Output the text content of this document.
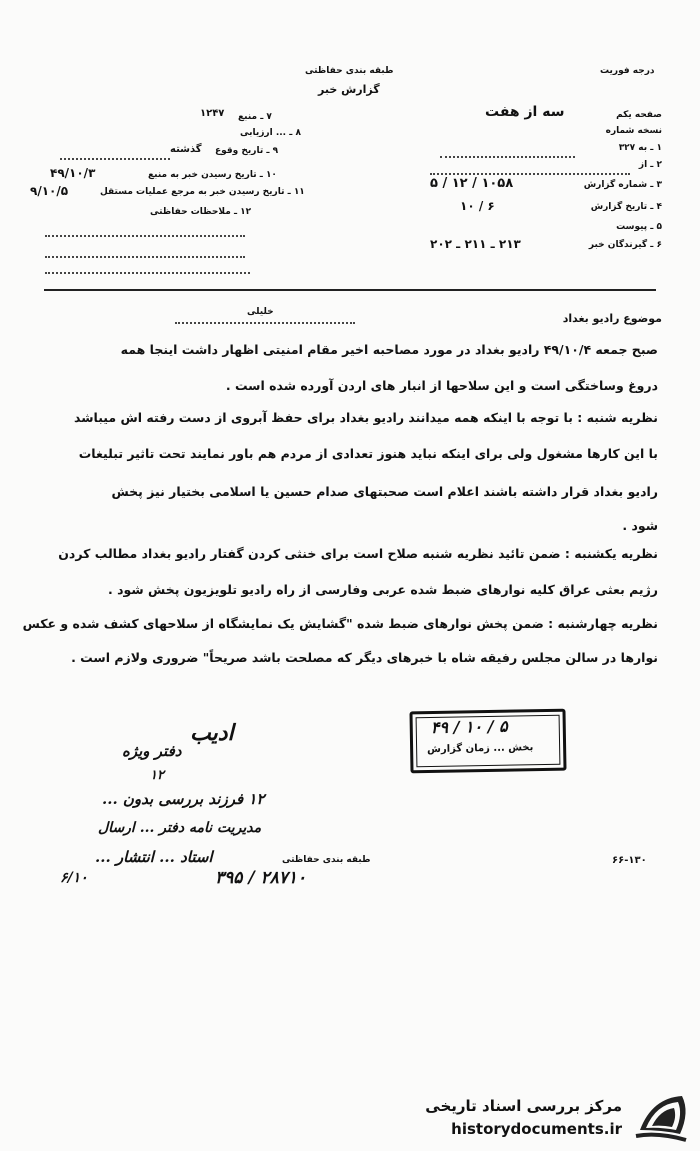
طبقه بندی حفاظتی
گزارش خبر
درجه فوریت
صفحه یکم
سه از هفت
نسخه شماره
۱ ـ به ۳۲۷
۲ ـ از
۳ ـ شماره گزارش
۱۰۵۸ / ۱۲ / ۵
۴ ـ تاریخ گزارش
۶ / ۱۰
۵ ـ پیوست
۶ ـ گیرندگان خبر
۲۱۳ ـ ۲۱۱ ـ ۲۰۲
۷ ـ منبع
۱۲۴۷
۸ ـ ... ارزیابی
۹ ـ تاریخ وقوع
گذشته
۱۰ ـ تاریخ رسیدن خبر به منبع
۴۹/۱۰/۳
۱۱ ـ تاریخ رسیدن خبر به مرجع عملیات مستقل
۹/۱۰/۵
۱۲ ـ ملاحظات حفاظتی
موضوع رادیو بغداد
خلیلی
صبح جمعه ۴۹/۱۰/۴ رادیو بغداد در مورد مصاحبه اخیر مقام امنیتی اظهار داشت اینجا همه
دروغ وساختگی است و این سلاحها از انبار های اردن آورده شده است .
نظریه شنبه : با توجه با اینکه همه میدانند رادیو بغداد برای حفظ آبروی از دست رفته اش میباشد
با این کارها مشغول ولی برای اینکه نباید هنوز تعدادی از مردم هم باور نمایند تحت تاثیر تبلیغات
رادیو بغداد قرار داشته باشند اعلام است صحبتهای صدام حسین یا اسلامی بختیار نیز پخش
شود .
نظریه یکشنبه : ضمن تائید نظریه شنبه صلاح است برای خنثی کردن گفتار رادیو بغداد مطالب کردن
رژیم بعثی عراق کلیه نوارهای ضبط شده عربی وفارسی از راه رادیو تلویزیون پخش شود .
نظریه چهارشنبه : ضمن پخش نوارهای ضبط شده "گشایش یک نمایشگاه از سلاحهای کشف شده و عکس
نوارها در سالن مجلس رفیقه شاه با خبرهای دیگر که مصلحت باشد صریحاً" ضروری ولازم است .
ادیب	۵ / ۱۰ / ۴۹
بخش ... زمان گزارش
دفتر ویژه
۱۲
۱۲ فرزند بررسی بدون ...
مدیریت نامه دفتر ... ارسال
استاد ... انتشار ...
۶/۱۰
طبقه بندی حفاظتی	۶۶-۱۳۰
۲۸۷۱۰ / ۳۹۵
مرکز بررسی اسناد تاریخی
historydocuments.ir
